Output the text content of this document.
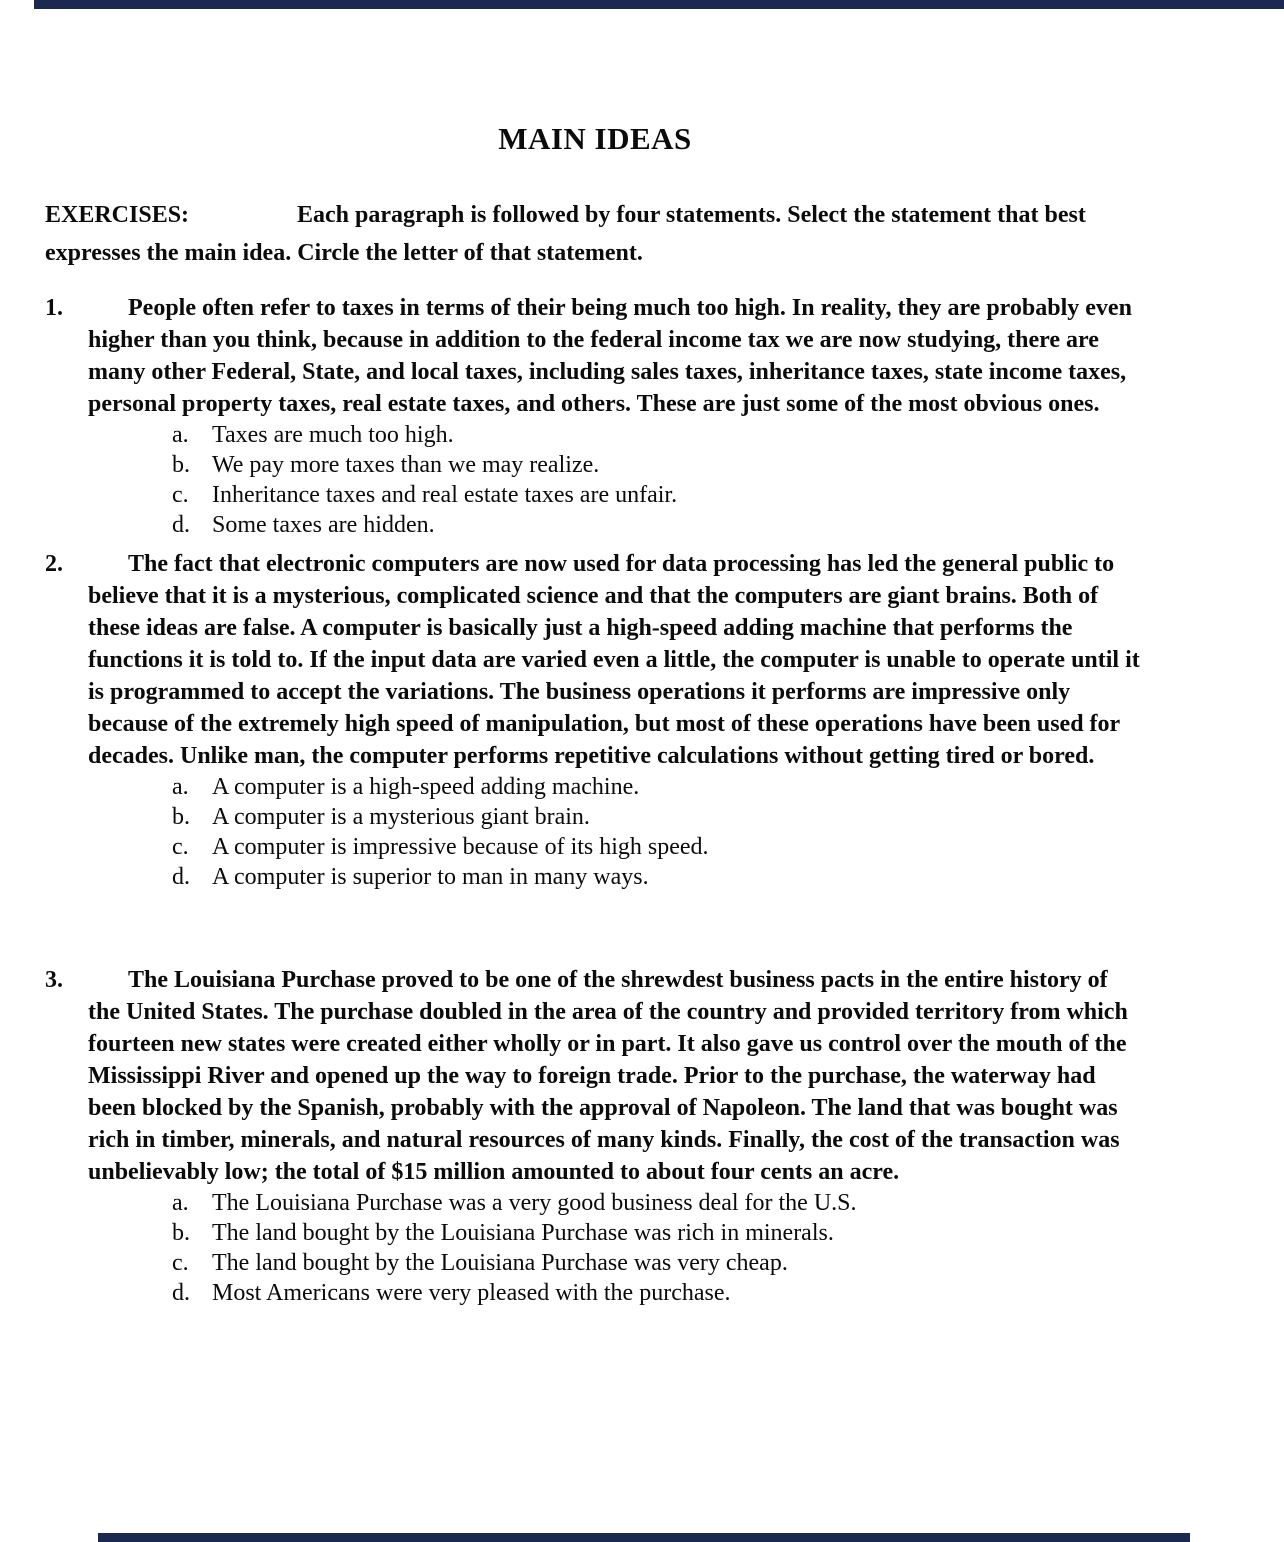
MAIN IDEAS

EXERCISES:	Each paragraph is followed by four statements. Select the statement that best expresses the main idea. Circle the letter of that statement.

1.	People often refer to taxes in terms of their being much too high. In reality, they are probably even higher than you think, because in addition to the federal income tax we are now studying, there are many other Federal, State, and local taxes, including sales taxes, inheritance taxes, state income taxes, personal property taxes, real estate taxes, and others. These are just some of the most obvious ones.

a. Taxes are much too high.
b. We pay more taxes than we may realize.
c. Inheritance taxes and real estate taxes are unfair.
d. Some taxes are hidden.
2.	The fact that electronic computers are now used for data processing has led the general public to believe that it is a mysterious, complicated science and that the computers are giant brains. Both of these ideas are false. A computer is basically just a high-speed adding machine that performs the functions it is told to. If the input data are varied even a little, the computer is unable to operate until it is programmed to accept the variations. The business operations it performs are impressive only because of the extremely high speed of manipulation, but most of these operations have been used for decades. Unlike man, the computer performs repetitive calculations without getting tired or bored.

a. A computer is a high-speed adding machine.
b. A computer is a mysterious giant brain.
c. A computer is impressive because of its high speed.
d. A computer is superior to man in many ways.
3.	The Louisiana Purchase proved to be one of the shrewdest business pacts in the entire history of the United States. The purchase doubled in the area of the country and provided territory from which fourteen new states were created either wholly or in part. It also gave us control over the mouth of the Mississippi River and opened up the way to foreign trade. Prior to the purchase, the waterway had been blocked by the Spanish, probably with the approval of Napoleon. The land that was bought was rich in timber, minerals, and natural resources of many kinds. Finally, the cost of the transaction was unbelievably low; the total of $15 million amounted to about four cents an acre.

a. The Louisiana Purchase was a very good business deal for the U.S.
b. The land bought by the Louisiana Purchase was rich in minerals.
c. The land bought by the Louisiana Purchase was very cheap.
d. Most Americans were very pleased with the purchase.
